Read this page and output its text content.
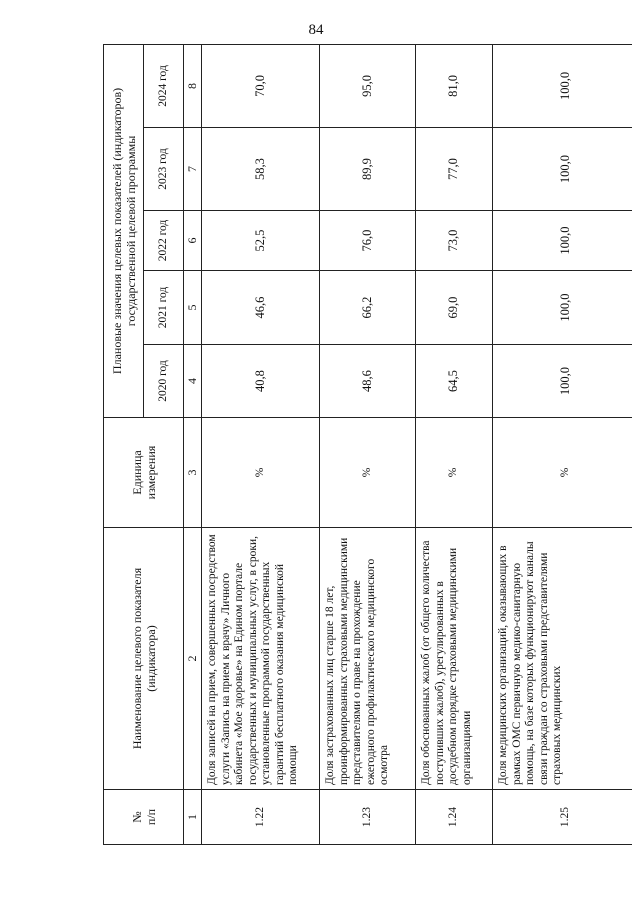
84
№
п/п	Наименование целевого показателя
(индикатора)	Единица
измерения	Плановые значения целевых показателей (индикаторов)
государственной целевой программы				
			2020 год	2021 год	2022 год	2023 год	2024 год
1	2	3	4	5	6	7	8
1.22	Доля записей на прием, совершенных посредством услуги «Запись на прием к врачу» Личного кабинета «Мое здоровье» на Едином портале государственных и муниципальных услуг, в сроки, установленные программой государственных гарантий бесплатного оказания медицинской помощи	%	40,8	46,6	52,5	58,3	70,0
1.23	Доля застрахованных лиц старше 18 лет, проинформированных страховыми медицинскими представителями о праве на прохождение ежегодного профилактического медицинского осмотра	%	48,6	66,2	76,0	89,9	95,0
1.24	Доля обоснованных жалоб (от общего количества поступивших жалоб), урегулированных в досудебном порядке страховыми медицинскими организациями	%	64,5	69,0	73,0	77,0	81,0
1.25	Доля медицинских организаций, оказывающих в рамках ОМС первичную медико-санитарную помощь, на базе которых функционируют каналы связи граждан со страховыми представителями страховых медицинских	%	100,0	100,0	100,0	100,0	100,0
